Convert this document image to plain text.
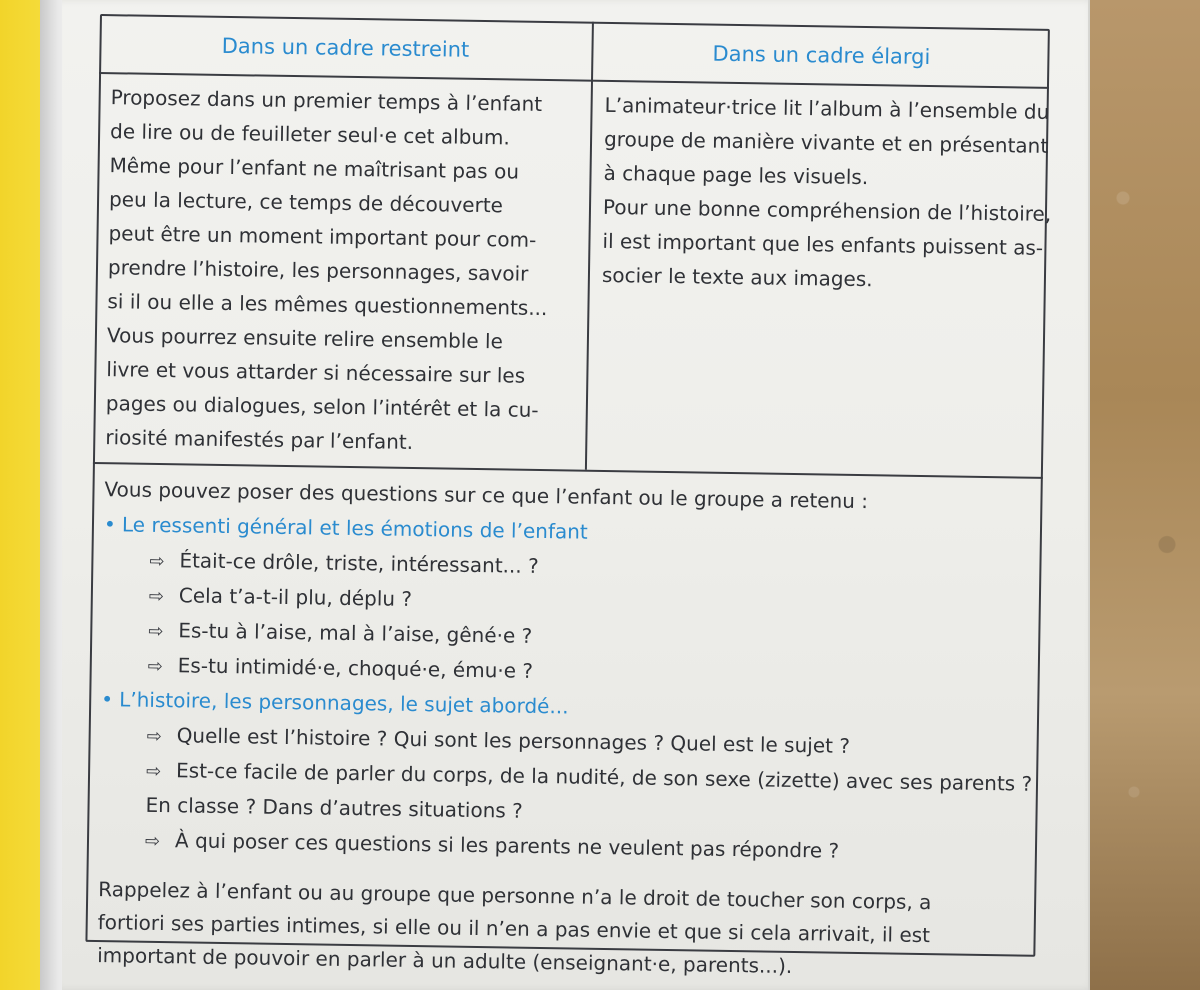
Dans un cadre restreint	Dans un cadre élargi
Proposez dans un premier temps à l’enfant
de lire ou de feuilleter seul·e cet album.
Même pour l’enfant ne maîtrisant pas ou
peu la lecture, ce temps de découverte
peut être un moment important pour com-
prendre l’histoire, les personnages, savoir
si il ou elle a les mêmes questionnements...
Vous pourrez ensuite relire ensemble le
livre et vous attarder si nécessaire sur les
pages ou dialogues, selon l’intérêt et la cu-
riosité manifestés par l’enfant.
L’animateur·trice lit l’album à l’ensemble du
groupe de manière vivante et en présentant
à chaque page les visuels.
Pour une bonne compréhension de l’histoire,
il est important que les enfants puissent as-
socier le texte aux images.
Vous pouvez poser des questions sur ce que l’enfant ou le groupe a retenu :
• Le ressenti général et les émotions de l’enfant
⇨ Était-ce drôle, triste, intéressant... ?
⇨ Cela t’a-t-il plu, déplu ?
⇨ Es-tu à l’aise, mal à l’aise, gêné·e ?
⇨ Es-tu intimidé·e, choqué·e, ému·e ?
• L’histoire, les personnages, le sujet abordé...
⇨ Quelle est l’histoire ? Qui sont les personnages ? Quel est le sujet ?
⇨ Est-ce facile de parler du corps, de la nudité, de son sexe (zizette) avec ses parents ?
En classe ? Dans d’autres situations ?
⇨ À qui poser ces questions si les parents ne veulent pas répondre ?
Rappelez à l’enfant ou au groupe que personne n’a le droit de toucher son corps, a
fortiori ses parties intimes, si elle ou il n’en a pas envie et que si cela arrivait, il est
important de pouvoir en parler à un adulte (enseignant·e, parents...).
